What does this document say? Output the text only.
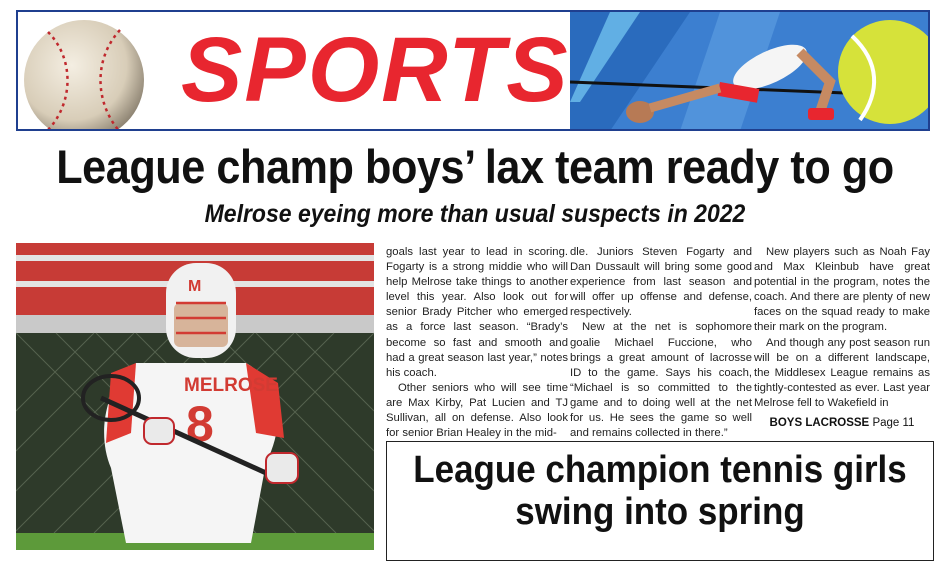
SPORTS
League champ boys’ lax team ready to go
Melrose eyeing more than usual suspects in 2022
MELROSE
8
M

goals last year to lead in scoring. Fogarty is a strong middie who will help Melrose take things to another level this year. Also look out for senior Brady Pitcher who emerged as a force last season. “Brady’s become so fast and smooth and had a great season last year,” notes his coach.

Other seniors who will see time are Max Kirby, Pat Lucien and TJ Sullivan, all on defense. Also look for senior Brian Healey in the mid-

dle. Juniors Steven Fogarty and Dan Dussault will bring some good experience from last season and will offer up offense and defense, respectively.

New at the net is sophomore goalie Michael Fuccione, who brings a great amount of lacrosse ID to the game. Says his coach, “Michael is so committed to the game and to doing well at the net for us. He sees the game so well and remains collected in there.”

New players such as Noah Fay and Max Kleinbub have great potential in the program, notes the coach. And there are plenty of new faces on the squad ready to make their mark on the program.

And though any post season run will be on a different landscape, the Middlesex League remains as tightly-contested as ever. Last year Melrose fell to Wakefield in

BOYS LACROSSE Page 11
League champion tennis girls
swing into spring
